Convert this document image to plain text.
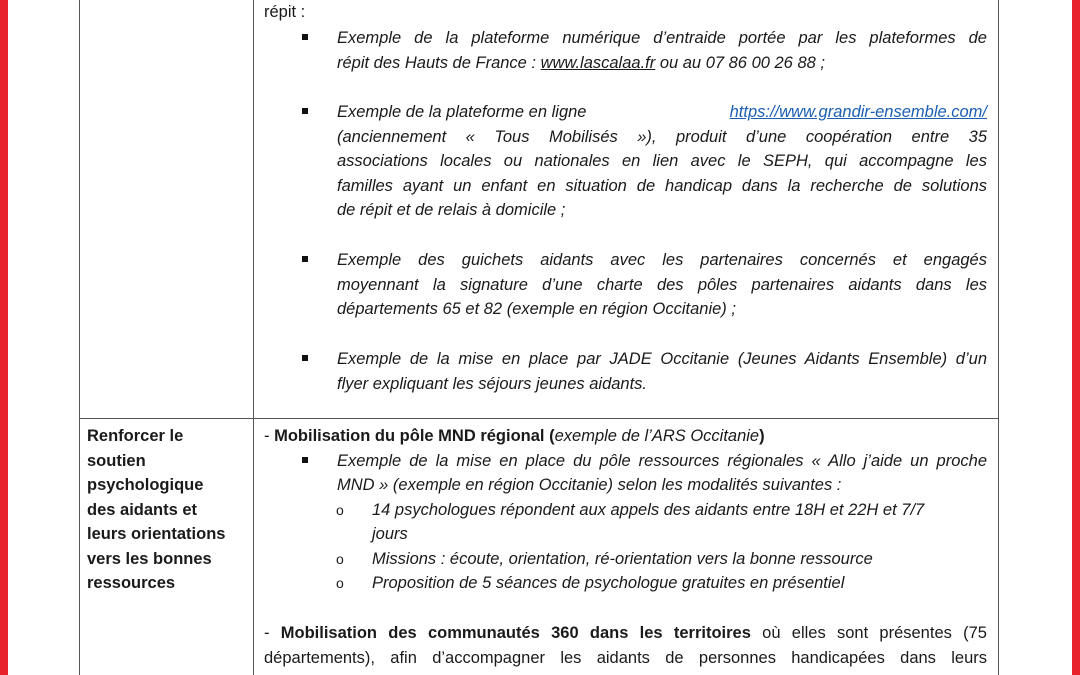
répit :
Exemple de la plateforme numérique d’entraide portée par les plateformes de
répit des Hauts de France : www.lascalaa.fr ou au 07 86 00 26 88 ;
Exemple de la plateforme en ligne	https://www.grandir-ensemble.com/
(anciennement « Tous Mobilisés »), produit d’une coopération entre 35
associations locales ou nationales en lien avec le SEPH, qui accompagne les
familles ayant un enfant en situation de handicap dans la recherche de solutions
de répit et de relais à domicile ;
Exemple des guichets aidants avec les partenaires concernés et engagés
moyennant la signature d’une charte des pôles partenaires aidants dans les
départements 65 et 82 (exemple en région Occitanie) ;
Exemple de la mise en place par JADE Occitanie (Jeunes Aidants Ensemble) d’un
flyer expliquant les séjours jeunes aidants.
Renforcer le
soutien
psychologique
des aidants et
leurs orientations
vers les bonnes
ressources
- Mobilisation du pôle MND régional (exemple de l’ARS Occitanie)
Exemple de la mise en place du pôle ressources régionales « Allo j’aide un proche
MND » (exemple en région Occitanie) selon les modalités suivantes :
o 14 psychologues répondent aux appels des aidants entre 18H et 22H et 7/7
jours
o Missions : écoute, orientation, ré-orientation vers la bonne ressource
o Proposition de 5 séances de psychologue gratuites en présentiel
- Mobilisation des communautés 360 dans les territoires où elles sont présentes (75
départements), afin d’accompagner les aidants de personnes handicapées dans leurs
